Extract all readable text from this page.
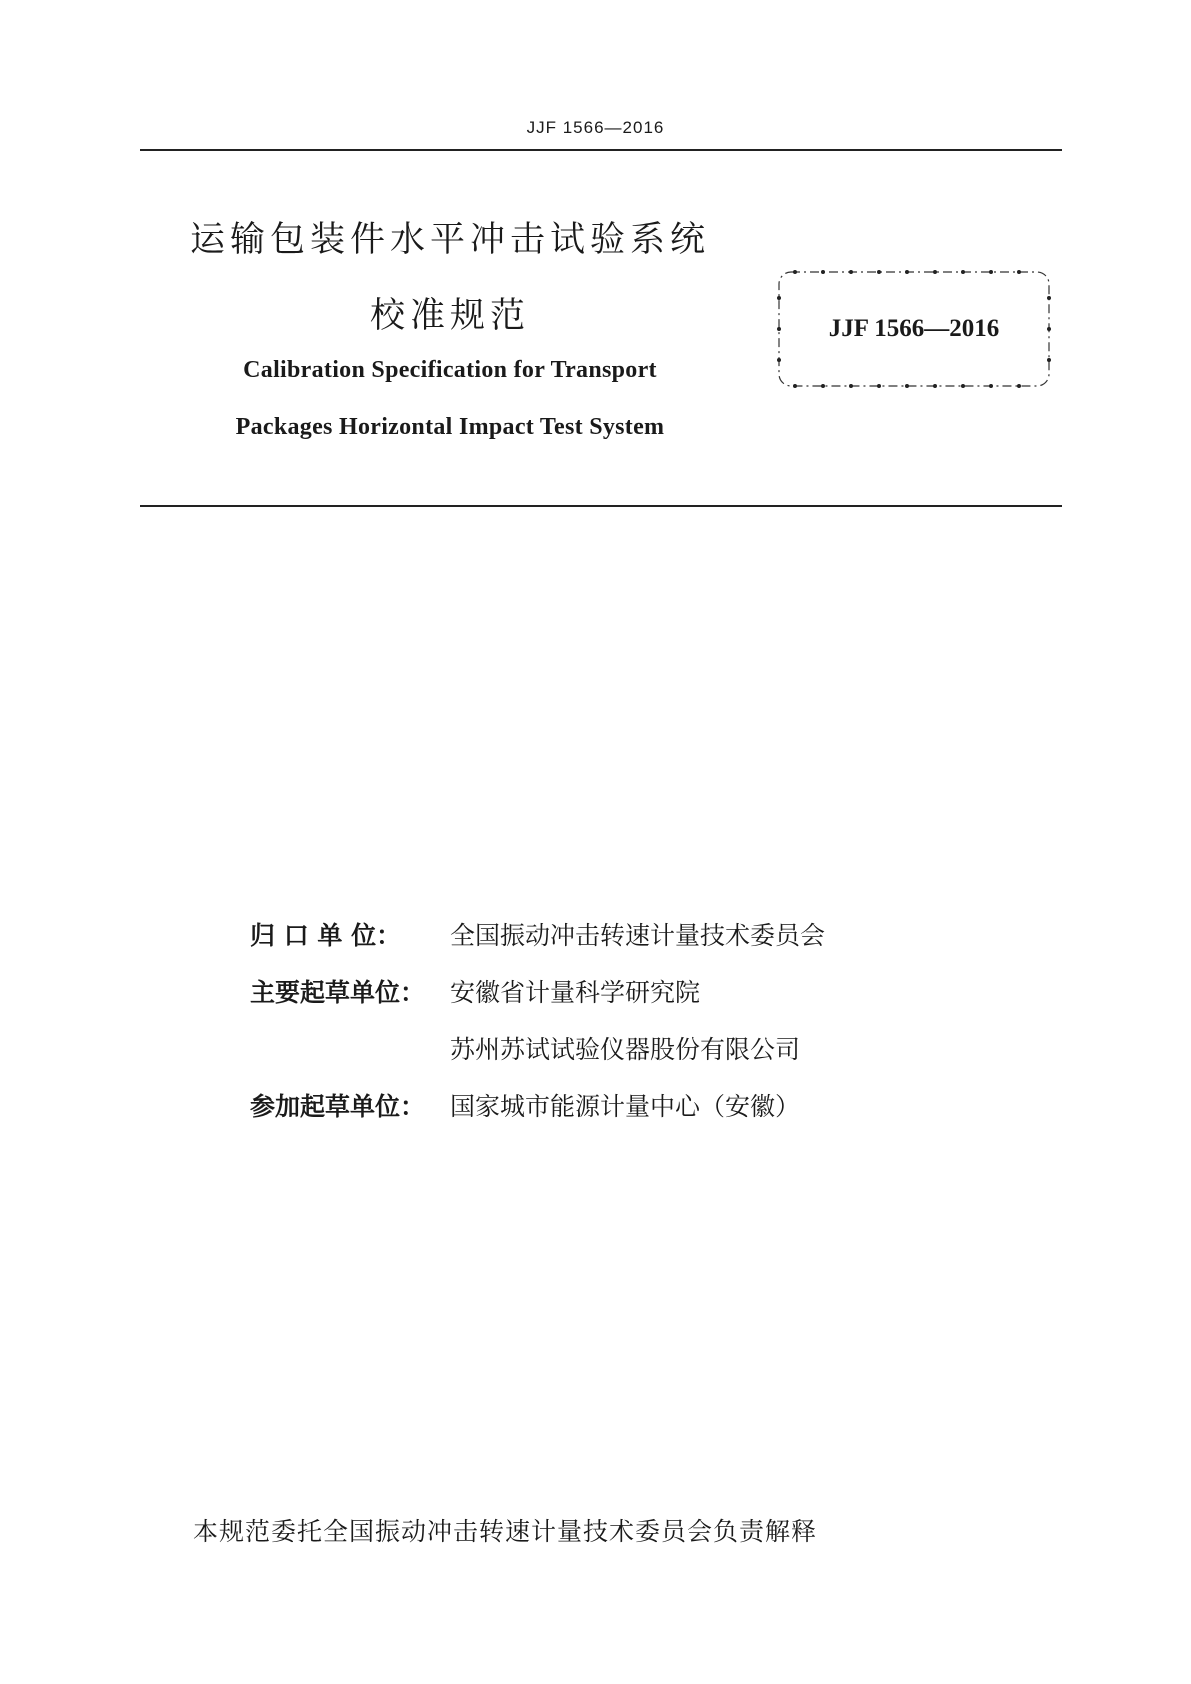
JJF 1566—2016
运输包装件水平冲击试验系统
校准规范
Calibration Specification for Transport
Packages Horizontal Impact Test System
JJF 1566—2016
归 口 单 位：	全国振动冲击转速计量技术委员会
主要起草单位： 安徽省计量科学研究院
苏州苏试试验仪器股份有限公司
参加起草单位： 国家城市能源计量中心（安徽）
本规范委托全国振动冲击转速计量技术委员会负责解释
